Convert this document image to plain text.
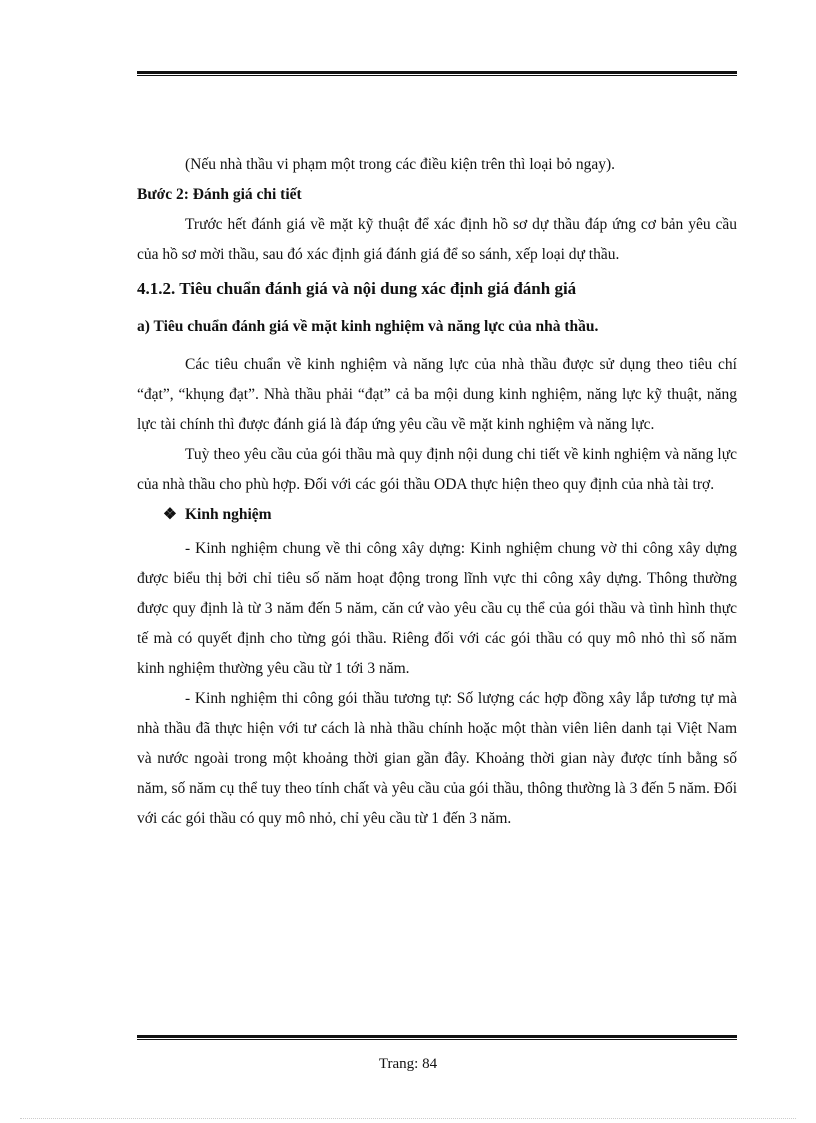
(Nếu nhà thầu vi phạm một trong các điều kiện trên thì loại bỏ ngay).

Bước 2: Đánh giá chi tiết

Trước hết đánh giá về mặt kỹ thuật để xác định hồ sơ dự thầu đáp ứng cơ bản yêu cầu của hồ sơ mời thầu, sau đó xác định giá đánh giá để so sánh, xếp loại dự thầu.

4.1.2. Tiêu chuẩn đánh giá và nội dung xác định giá đánh giá

a) Tiêu chuẩn đánh giá về mặt kinh nghiệm và năng lực của nhà thầu.

Các tiêu chuẩn về kinh nghiệm và năng lực của nhà thầu được sử dụng theo tiêu chí “đạt”, “khụng đạt”. Nhà thầu phải “đạt” cả ba mội dung kinh nghiệm, năng lực kỹ thuật, năng lực tài chính thì được đánh giá là đáp ứng yêu cầu về mặt kinh nghiệm và năng lực.

Tuỳ theo yêu cầu của gói thầu mà quy định nội dung chi tiết về kinh nghiệm và năng lực của nhà thầu cho phù hợp. Đối với các gói thầu ODA thực hiện theo quy định của nhà tài trợ.

❖ Kinh nghiệm

- Kinh nghiệm chung về thi công xây dựng: Kinh nghiệm chung vờ thi công xây dựng được biểu thị bởi chỉ tiêu số năm hoạt động trong lĩnh vực thi công xây dựng. Thông thường được quy định là từ 3 năm đến 5 năm, căn cứ vào yêu cầu cụ thể của gói thầu và tình hình thực tế mà có quyết định cho từng gói thầu. Riêng đối với các gói thầu có quy mô nhỏ thì số năm kinh nghiệm thường yêu cầu từ 1 tới 3 năm.

- Kinh nghiệm thi công gói thầu tương tự: Số lượng các hợp đồng xây lắp tương tự mà nhà thầu đã thực hiện với tư cách là nhà thầu chính hoặc một thàn viên liên danh tại Việt Nam và nước ngoài trong một khoảng thời gian gần đây. Khoảng thời gian này được tính bằng số năm, số năm cụ thể tuy theo tính chất và yêu cầu của gói thầu, thông thường là 3 đến 5 năm. Đối với các gói thầu có quy mô nhỏ, chỉ yêu cầu từ 1 đến 3 năm.

Trang: 84
